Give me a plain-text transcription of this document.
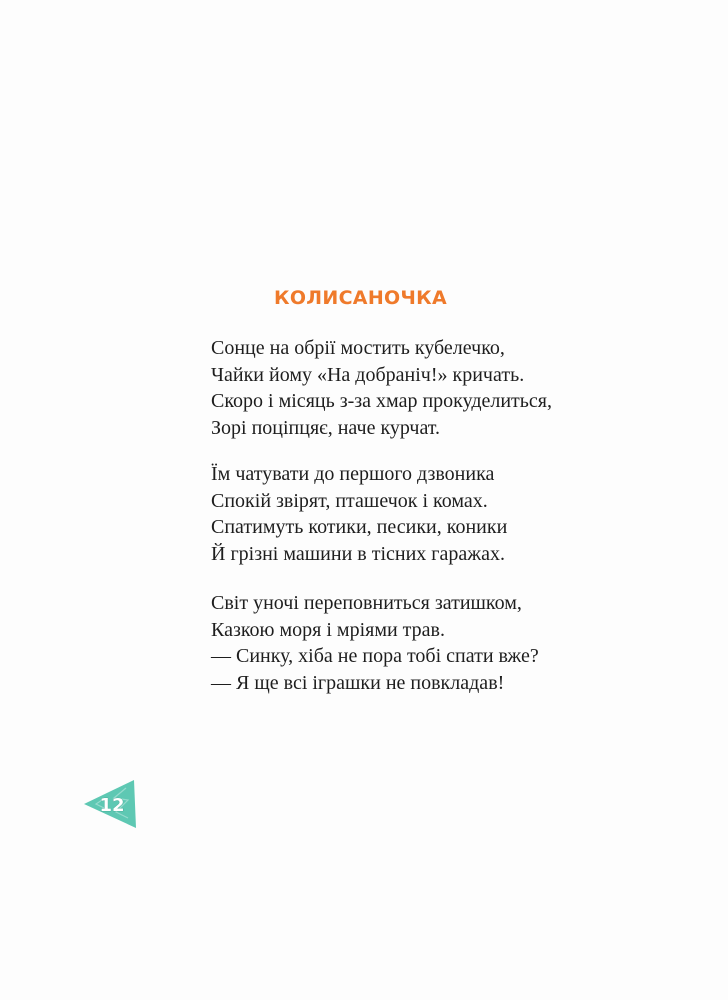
КОЛИСАНОЧКА
Сонце на обрії мостить кубелечко,
Чайки йому «На добраніч!» кричать.
Скоро і місяць з-за хмар прокуделиться,
Зорі поціпцяє, наче курчат.
Їм чатувати до першого дзвоника
Спокій звірят, пташечок і комах.
Спатимуть котики, песики, коники
Й грізні машини в тісних гаражах.
Світ уночі переповниться затишком,
Казкою моря і мріями трав.
— Синку, хіба не пора тобі спати вже?
— Я ще всі іграшки не повкладав!
12
